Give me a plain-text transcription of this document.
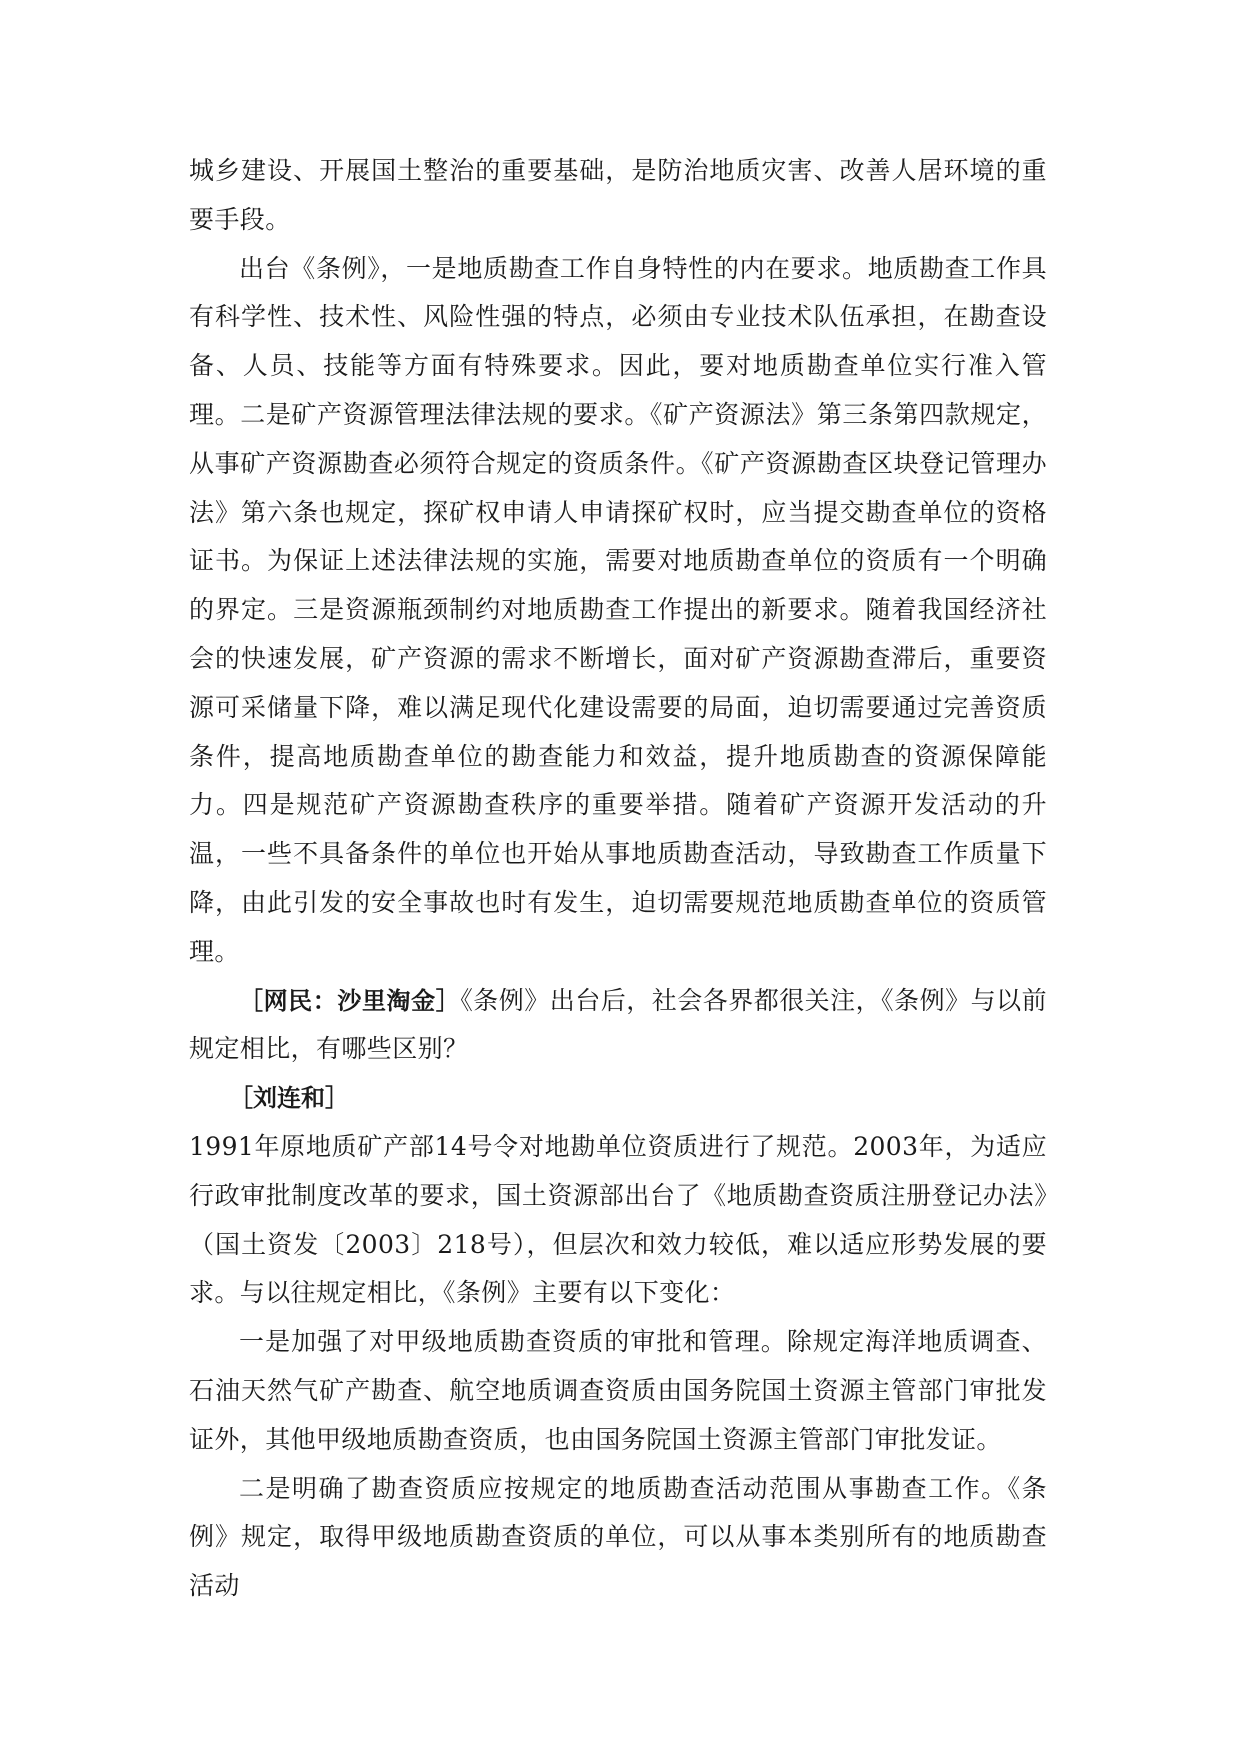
城乡建设、开展国土整治的重要基础，是防治地质灾害、改善人居环境的重要手段。

出台《条例》，一是地质勘查工作自身特性的内在要求。地质勘查工作具有科学性、技术性、风险性强的特点，必须由专业技术队伍承担，在勘查设备、人员、技能等方面有特殊要求。因此，要对地质勘查单位实行准入管理。二是矿产资源管理法律法规的要求。《矿产资源法》第三条第四款规定，从事矿产资源勘查必须符合规定的资质条件。《矿产资源勘查区块登记管理办法》第六条也规定，探矿权申请人申请探矿权时，应当提交勘查单位的资格证书。为保证上述法律法规的实施，需要对地质勘查单位的资质有一个明确的界定。三是资源瓶颈制约对地质勘查工作提出的新要求。随着我国经济社会的快速发展，矿产资源的需求不断增长，面对矿产资源勘查滞后，重要资源可采储量下降，难以满足现代化建设需要的局面，迫切需要通过完善资质条件，提高地质勘查单位的勘查能力和效益，提升地质勘查的资源保障能力。四是规范矿产资源勘查秩序的重要举措。随着矿产资源开发活动的升温，一些不具备条件的单位也开始从事地质勘查活动，导致勘查工作质量下降，由此引发的安全事故也时有发生，迫切需要规范地质勘查单位的资质管理。

［网民：沙里淘金］《条例》出台后，社会各界都很关注，《条例》与以前规定相比，有哪些区别？

［刘连和］

1991年原地质矿产部14号令对地勘单位资质进行了规范。2003年，为适应行政审批制度改革的要求，国土资源部出台了《地质勘查资质注册登记办法》（国土资发〔2003〕218号），但层次和效力较低，难以适应形势发展的要求。与以往规定相比，《条例》主要有以下变化：

一是加强了对甲级地质勘查资质的审批和管理。除规定海洋地质调查、石油天然气矿产勘查、航空地质调查资质由国务院国土资源主管部门审批发证外，其他甲级地质勘查资质，也由国务院国土资源主管部门审批发证。

二是明确了勘查资质应按规定的地质勘查活动范围从事勘查工作。《条例》规定，取得甲级地质勘查资质的单位，可以从事本类别所有的地质勘查活动
